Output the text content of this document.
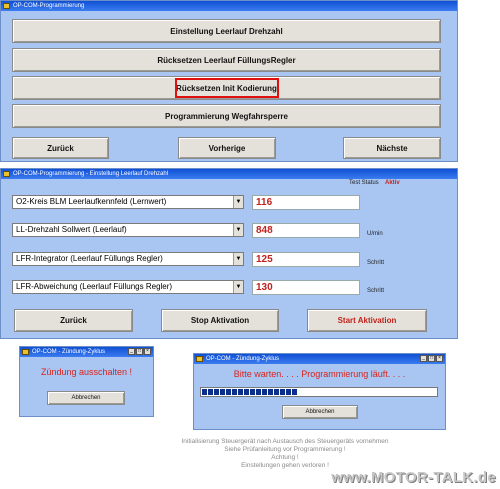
OP-COM-Programmierung
Einstellung Leerlauf Drehzahl
Rücksetzen Leerlauf FüllungsRegler
Rücksetzen Init Kodierung
Programmierung Wegfahrsperre
Zurück	Vorherige	Nächste
OP-COM-Programmierung - Einstellung Leerlauf Drehzahl
Test Status Aktiv
O2-Kreis BLM Leerlaufkennfeld (Lernwert)	▼	116
LL-Drehzahl Sollwert (Leerlauf)	▼	848	U/min
LFR-Integrator (Leerlauf Füllungs Regler)	▼	125	Schritt
LFR-Abweichung (Leerlauf Füllungs Regler)	▼	130	Schritt
Zurück	Stop Aktivation	Start Aktivation
OP-COM - Zündung-Zyklus	_	□	×
Zündung ausschalten !
Abbrechen
OP-COM - Zündung-Zyklus	_	□	×
Bitte warten. . . . Programmierung läuft. . . .
Abbrechen
Initialisierung Steuergerät nach Austausch des Steuergeräts vornehmen
Siehe Prüfanleitung vor Programmierung !
Achtung !
Einstellungen gehen verloren !
www.MOTOR-TALK.de
